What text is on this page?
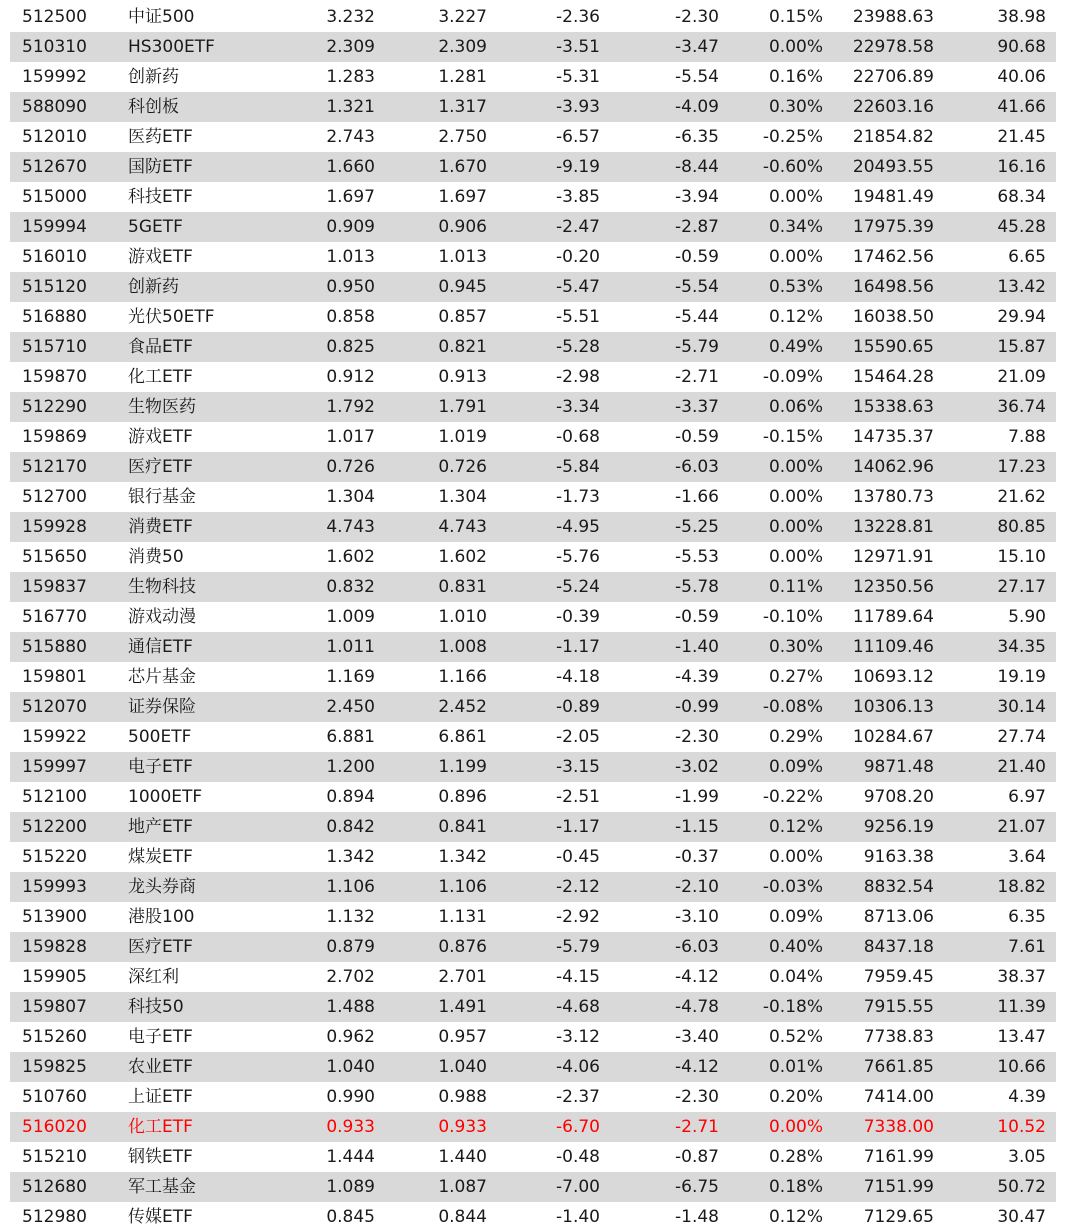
512500 中证500	3.232	3.227	-2.36	-2.30	0.15%	23988.63	38.98
510310 HS300ETF	2.309	2.309	-3.51	-3.47	0.00%	22978.58	90.68
159992 创新药	1.283	1.281	-5.31	-5.54	0.16%	22706.89	40.06
588090 科创板	1.321	1.317	-3.93	-4.09	0.30%	22603.16	41.66
512010 医药ETF	2.743	2.750	-6.57	-6.35	-0.25%	21854.82	21.45
512670 国防ETF	1.660	1.670	-9.19	-8.44	-0.60%	20493.55	16.16
515000 科技ETF	1.697	1.697	-3.85	-3.94	0.00%	19481.49	68.34
159994 5GETF	0.909	0.906	-2.47	-2.87	0.34%	17975.39	45.28
516010 游戏ETF	1.013	1.013	-0.20	-0.59	0.00%	17462.56	6.65
515120 创新药	0.950	0.945	-5.47	-5.54	0.53%	16498.56	13.42
516880 光伏50ETF	0.858	0.857	-5.51	-5.44	0.12%	16038.50	29.94
515710 食品ETF	0.825	0.821	-5.28	-5.79	0.49%	15590.65	15.87
159870 化工ETF	0.912	0.913	-2.98	-2.71	-0.09%	15464.28	21.09
512290 生物医药	1.792	1.791	-3.34	-3.37	0.06%	15338.63	36.74
159869 游戏ETF	1.017	1.019	-0.68	-0.59	-0.15%	14735.37	7.88
512170 医疗ETF	0.726	0.726	-5.84	-6.03	0.00%	14062.96	17.23
512700 银行基金	1.304	1.304	-1.73	-1.66	0.00%	13780.73	21.62
159928 消费ETF	4.743	4.743	-4.95	-5.25	0.00%	13228.81	80.85
515650 消费50	1.602	1.602	-5.76	-5.53	0.00%	12971.91	15.10
159837 生物科技	0.832	0.831	-5.24	-5.78	0.11%	12350.56	27.17
516770 游戏动漫	1.009	1.010	-0.39	-0.59	-0.10%	11789.64	5.90
515880 通信ETF	1.011	1.008	-1.17	-1.40	0.30%	11109.46	34.35
159801 芯片基金	1.169	1.166	-4.18	-4.39	0.27%	10693.12	19.19
512070 证券保险	2.450	2.452	-0.89	-0.99	-0.08%	10306.13	30.14
159922 500ETF	6.881	6.861	-2.05	-2.30	0.29%	10284.67	27.74
159997 电子ETF	1.200	1.199	-3.15	-3.02	0.09%	9871.48	21.40
512100 1000ETF	0.894	0.896	-2.51	-1.99	-0.22%	9708.20	6.97
512200 地产ETF	0.842	0.841	-1.17	-1.15	0.12%	9256.19	21.07
515220 煤炭ETF	1.342	1.342	-0.45	-0.37	0.00%	9163.38	3.64
159993 龙头券商	1.106	1.106	-2.12	-2.10	-0.03%	8832.54	18.82
513900 港股100	1.132	1.131	-2.92	-3.10	0.09%	8713.06	6.35
159828 医疗ETF	0.879	0.876	-5.79	-6.03	0.40%	8437.18	7.61
159905 深红利	2.702	2.701	-4.15	-4.12	0.04%	7959.45	38.37
159807 科技50	1.488	1.491	-4.68	-4.78	-0.18%	7915.55	11.39
515260 电子ETF	0.962	0.957	-3.12	-3.40	0.52%	7738.83	13.47
159825 农业ETF	1.040	1.040	-4.06	-4.12	0.01%	7661.85	10.66
510760 上证ETF	0.990	0.988	-2.37	-2.30	0.20%	7414.00	4.39
516020 化工ETF	0.933	0.933	-6.70	-2.71	0.00%	7338.00	10.52
515210 钢铁ETF	1.444	1.440	-0.48	-0.87	0.28%	7161.99	3.05
512680 军工基金	1.089	1.087	-7.00	-6.75	0.18%	7151.99	50.72
512980 传媒ETF	0.845	0.844	-1.40	-1.48	0.12%	7129.65	30.47
